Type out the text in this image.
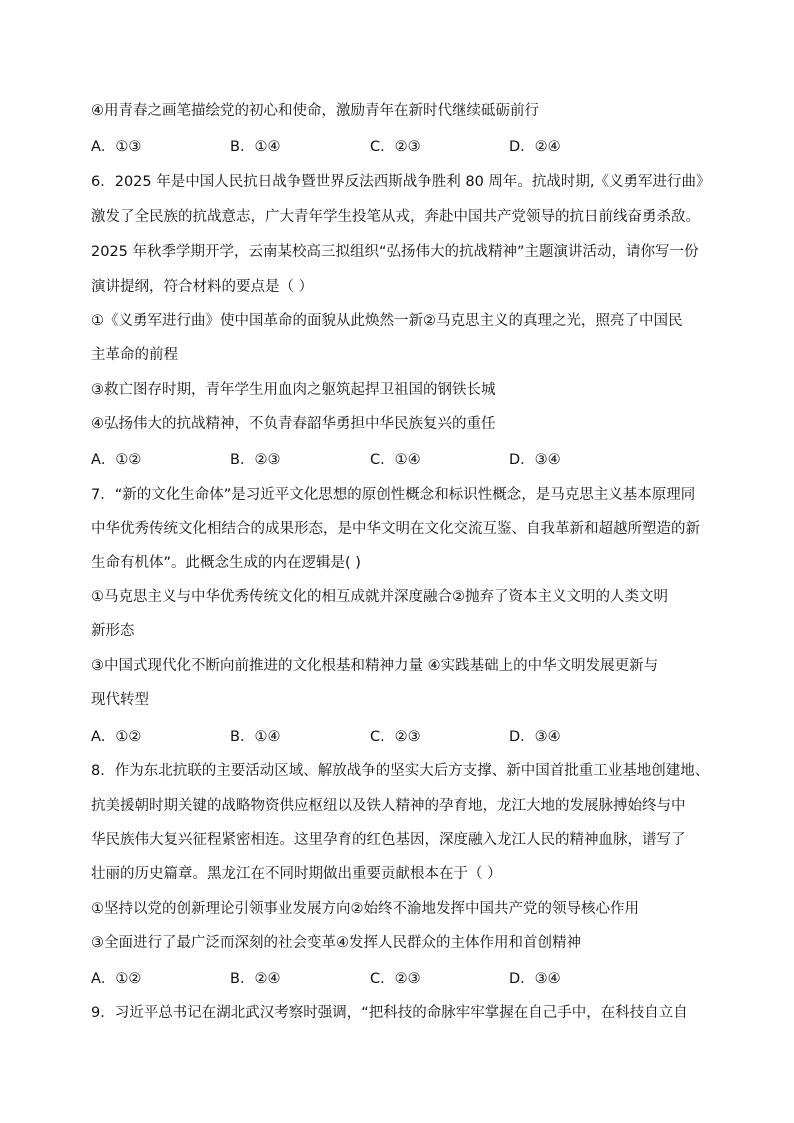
④用青春之画笔描绘党的初心和使命，激励青年在新时代继续砥砺前行
A．①③	B．①④	C．②③	D．②④
6．2025 年是中国人民抗日战争暨世界反法西斯战争胜利 80 周年。抗战时期,《义勇军进行曲》
激发了全民族的抗战意志，广大青年学生投笔从戎，奔赴中国共产党领导的抗日前线奋勇杀敌。
2025 年秋季学期开学，云南某校高三拟组织“弘扬伟大的抗战精神”主题演讲活动，请你写一份
演讲提纲，符合材料的要点是（ ）
①《义勇军进行曲》使中国革命的面貌从此焕然一新②马克思主义的真理之光，照亮了中国民
主革命的前程
③救亡图存时期，青年学生用血肉之躯筑起捍卫祖国的钢铁长城
④弘扬伟大的抗战精神，不负青春韶华勇担中华民族复兴的重任
A．①②	B．②③	C．①④	D．③④
7．“新的文化生命体”是习近平文化思想的原创性概念和标识性概念，是马克思主义基本原理同
中华优秀传统文化相结合的成果形态，是中华文明在文化交流互鉴、自我革新和超越所塑造的新
生命有机体”。此概念生成的内在逻辑是( )
①马克思主义与中华优秀传统文化的相互成就并深度融合②抛弃了资本主义文明的人类文明
新形态
③中国式现代化不断向前推进的文化根基和精神力量 ④实践基础上的中华文明发展更新与
现代转型
A．①②	B．①④	C．②③	D．③④
8．作为东北抗联的主要活动区域、解放战争的坚实大后方支撑、新中国首批重工业基地创建地、
抗美援朝时期关键的战略物资供应枢纽以及铁人精神的孕育地，龙江大地的发展脉搏始终与中
华民族伟大复兴征程紧密相连。这里孕育的红色基因，深度融入龙江人民的精神血脉，谱写了
壮丽的历史篇章。黑龙江在不同时期做出重要贡献根本在于（ ）
①坚持以党的创新理论引领事业发展方向②始终不渝地发挥中国共产党的领导核心作用
③全面进行了最广泛而深刻的社会变革④发挥人民群众的主体作用和首创精神
A．①②	B．②④	C．②③	D．③④
9．习近平总书记在湖北武汉考察时强调，“把科技的命脉牢牢掌握在自己手中，在科技自立自
